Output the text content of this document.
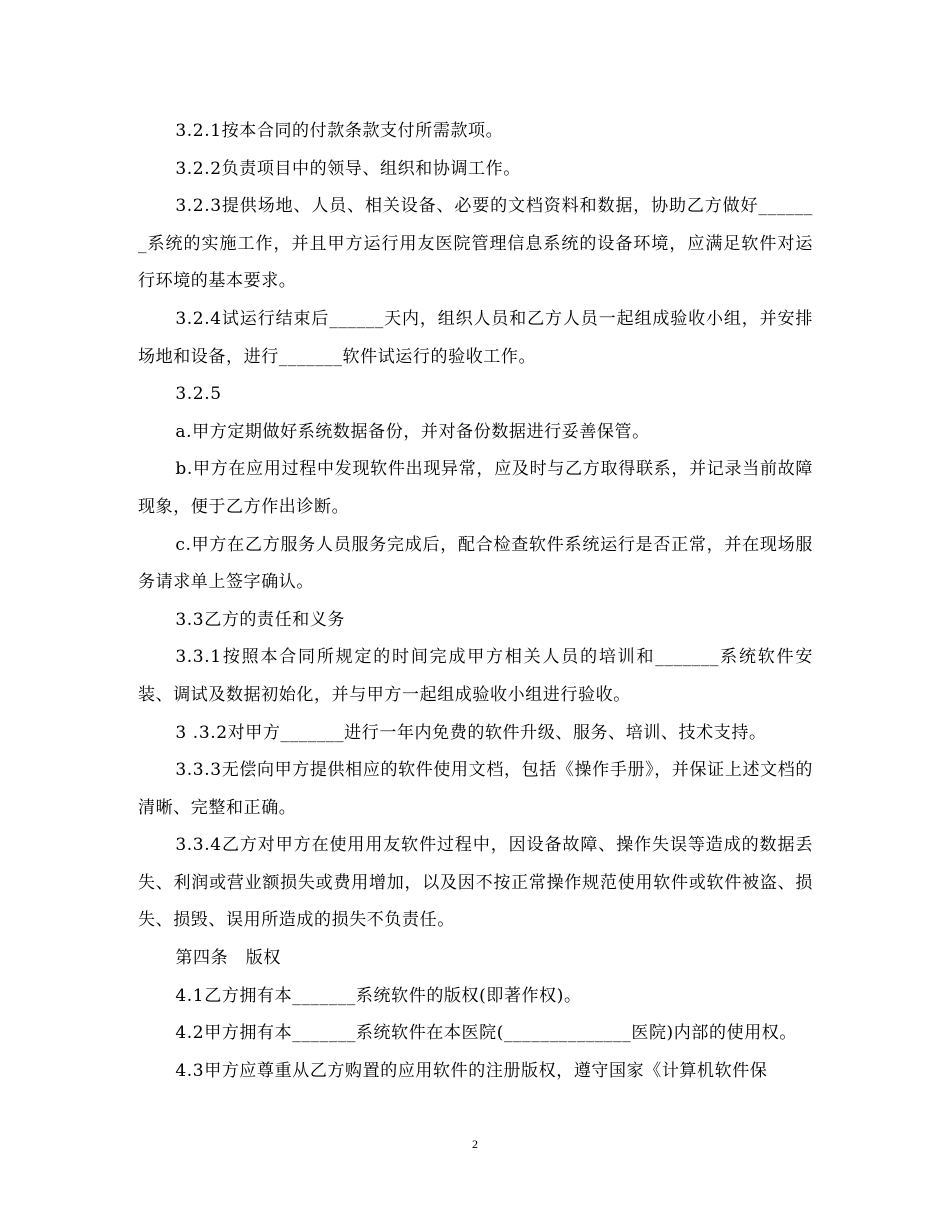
3.2.1按本合同的付款条款支付所需款项。

3.2.2负责项目中的领导、组织和协调工作。

3.2.3提供场地、人员、相关设备、必要的文档资料和数据，协助乙方做好_______系统的实施工作，并且甲方运行用友医院管理信息系统的设备环境，应满足软件对运行环境的基本要求。

3.2.4试运行结束后______天内，组织人员和乙方人员一起组成验收小组，并安排场地和设备，进行_______软件试运行的验收工作。

3.2.5

a.甲方定期做好系统数据备份，并对备份数据进行妥善保管。

b.甲方在应用过程中发现软件出现异常，应及时与乙方取得联系，并记录当前故障现象，便于乙方作出诊断。

c.甲方在乙方服务人员服务完成后，配合检查软件系统运行是否正常，并在现场服务请求单上签字确认。

3.3乙方的责任和义务

3.3.1按照本合同所规定的时间完成甲方相关人员的培训和_______系统软件安装、调试及数据初始化，并与甲方一起组成验收小组进行验收。

3 .3.2对甲方_______进行一年内免费的软件升级、服务、培训、技术支持。

3.3.3无偿向甲方提供相应的软件使用文档，包括《操作手册》，并保证上述文档的清晰、完整和正确。

3.3.4乙方对甲方在使用用友软件过程中，因设备故障、操作失误等造成的数据丢失、利润或营业额损失或费用增加，以及因不按正常操作规范使用软件或软件被盗、损失、损毁、误用所造成的损失不负责任。

第四条　版权

4.1乙方拥有本_______系统软件的版权(即著作权)。

4.2甲方拥有本_______系统软件在本医院(______________医院)内部的使用权。

4.3甲方应尊重从乙方购置的应用软件的注册版权，遵守国家《计算机软件保

2
